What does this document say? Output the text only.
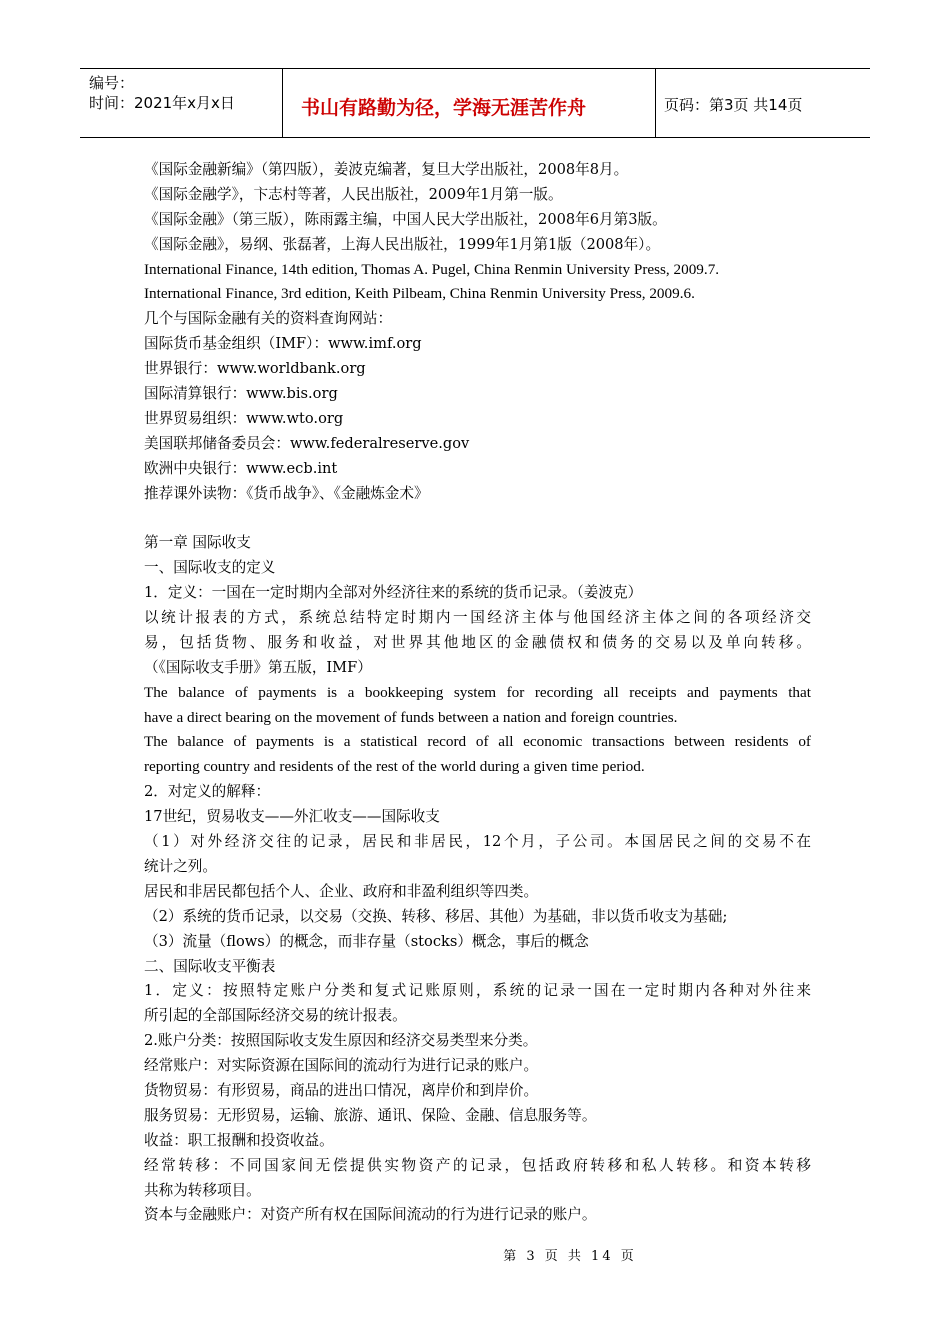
编号：
时间：2021年x月x日	书山有路勤为径，学海无涯苦作舟	页码：第3页 共14页
《国际金融新编》（第四版），姜波克编著，复旦大学出版社，2008年8月。
《国际金融学》，卞志村等著，人民出版社，2009年1月第一版。
《国际金融》（第三版），陈雨露主编，中国人民大学出版社，2008年6月第3版。
《国际金融》，易纲、张磊著，上海人民出版社，1999年1月第1版（2008年）。
International Finance, 14th edition, Thomas A. Pugel, China Renmin University Press, 2009.7.
International Finance, 3rd edition, Keith Pilbeam, China Renmin University Press, 2009.6.
几个与国际金融有关的资料查询网站：
国际货币基金组织（IMF）：www.imf.org
世界银行：www.worldbank.org
国际清算银行：www.bis.org
世界贸易组织：www.wto.org
美国联邦储备委员会：www.federalreserve.gov
欧洲中央银行：www.ecb.int
推荐课外读物：《货币战争》、《金融炼金术》
第一章 国际收支
一、国际收支的定义
1．定义：一国在一定时期内全部对外经济往来的系统的货币记录。（姜波克）
以统计报表的方式，系统总结特定时期内一国经济主体与他国经济主体之间的各项经济交
易，包括货物、服务和收益，对世界其他地区的金融债权和债务的交易以及单向转移。
（《国际收支手册》第五版，IMF）
The balance of payments is a bookkeeping system for recording all receipts and payments that
have a direct bearing on the movement of funds between a nation and foreign countries.
The balance of payments is a statistical record of all economic transactions between residents of
reporting country and residents of the rest of the world during a given time period.
2．对定义的解释：
17世纪，贸易收支——外汇收支——国际收支
（1）对外经济交往的记录，居民和非居民，12个月，子公司。本国居民之间的交易不在
统计之列。
居民和非居民都包括个人、企业、政府和非盈利组织等四类。
（2）系统的货币记录，以交易（交换、转移、移居、其他）为基础，非以货币收支为基础;
（3）流量（flows）的概念，而非存量（stocks）概念，事后的概念
二、国际收支平衡表
1．定义：按照特定账户分类和复式记账原则，系统的记录一国在一定时期内各种对外往来
所引起的全部国际经济交易的统计报表。
2.账户分类：按照国际收支发生原因和经济交易类型来分类。
经常账户：对实际资源在国际间的流动行为进行记录的账户。
货物贸易：有形贸易，商品的进出口情况，离岸价和到岸价。
服务贸易：无形贸易，运输、旅游、通讯、保险、金融、信息服务等。
收益：职工报酬和投资收益。
经常转移：不同国家间无偿提供实物资产的记录，包括政府转移和私人转移。和资本转移
共称为转移项目。
资本与金融账户：对资产所有权在国际间流动的行为进行记录的账户。
第 3 页 共 14 页
